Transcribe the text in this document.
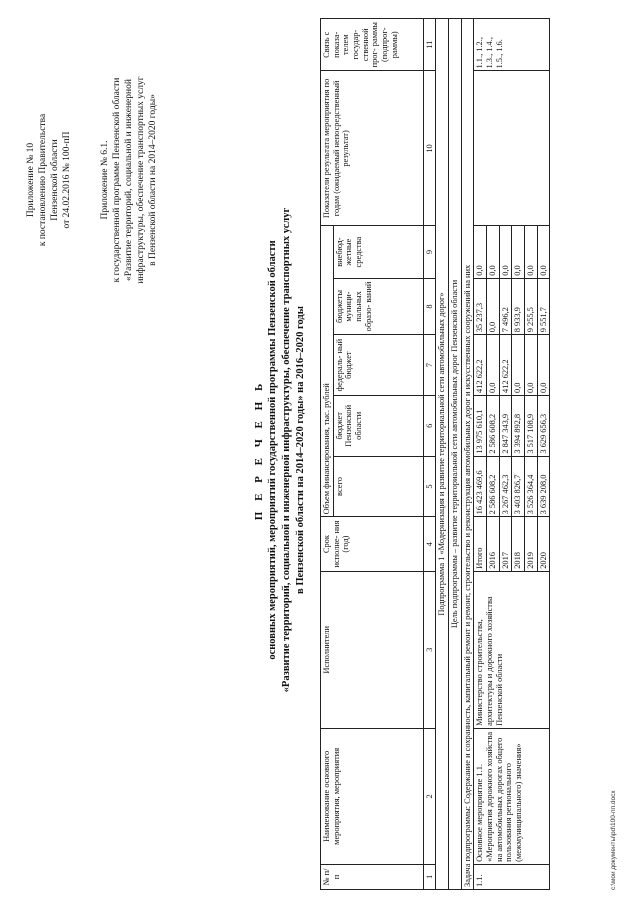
Приложение № 10 к постановлению Правительства Пензенской области от 24.02.2016 № 100-пП	Приложение № 6.1. к государственной программе Пензенской области «Развитие территорий, социальной и инженерной инфраструктуры, обеспечение транспортных услуг в Пензенской области на 2014–2020 годы»
П Е Р Е Ч Е Н Ь основных мероприятий, мероприятий государственной программы Пензенской области «Развитие территорий, социальной и инженерной инфраструктуры, обеспечение транспортных услуг в Пензенской области на 2014–2020 годы» на 2016–2020 годы
№ п/п	Наименование основного мероприятия, мероприятия	Исполнители	Срок исполне- ния (год)	Объем финансирования, тыс. рублей					Показатели результата мероприятия по годам (ожидаемый непосредственный результат)	Связь с показа- телем государ- ственной прог- раммы (подпрог- раммы)
				всего	бюджет Пензенской области	федераль- ный бюджет	бюджеты муници- пальных образо- ваний	внебюд- жетные средства		
1	2	3	4	5	6	7	8	9	10	11
Подпрограмма 1 «Модернизация и развитие территориальной сети автомобильных дорог»										
Цель подпрограммы – развитие территориальной сети автомобильных дорог Пензенской области										
Задача подпрограммы: Содержание и сохранность, капитальный ремонт и ремонт, строительство и реконструкция автомобильных дорог и искусственных сооружений на них										
1.1.	Основное мероприятие 1.1. «Мероприятия дорожного хозяйства на автомобильных дорогах общего пользования регионального (межмуниципального) значения»	Министерство строительства, архитектуры и дорожного хозяйства Пензенской области	Итого	16 423 469,6	13 975 610,1	412 622,2	35 237,3	0,0		1.1., 1.2., 1.3., 1.4., 1.5., 1.6.
			2016	2 586 608,2	2 586 608,2	0,0	0,0	0,0		
			2017	3 267 462,3	2 847 343,9	412 622,2	7 496,2	0,0		
			2018	3 403 826,7	3 394 892,8	0,0	8 933,9	0,0		
			2019	3 526 364,4	3 517 108,9	0,0	9 255,5	0,0		
			2020	3 639 208,0	3 629 656,3	0,0	9 551,7	0,0		
c:\мои документы\рd\100-пп.docx
